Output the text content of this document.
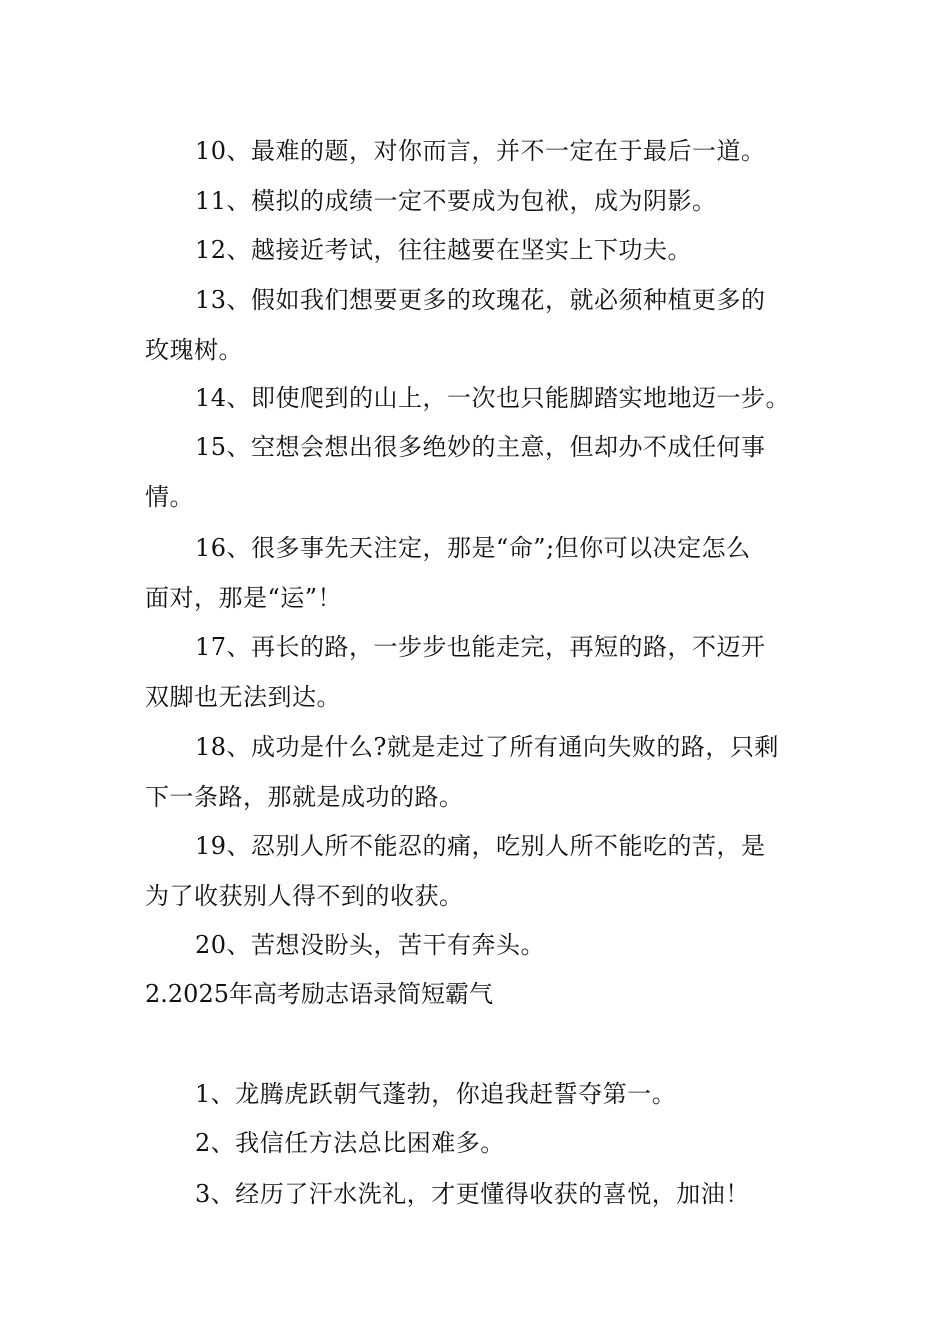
10、最难的题，对你而言，并不一定在于最后一道。
11、模拟的成绩一定不要成为包袱，成为阴影。
12、越接近考试，往往越要在坚实上下功夫。
13、假如我们想要更多的玫瑰花，就必须种植更多的
玫瑰树。
14、即使爬到的山上，一次也只能脚踏实地地迈一步。
15、空想会想出很多绝妙的主意，但却办不成任何事
情。
16、很多事先天注定，那是“命”;但你可以决定怎么
面对，那是“运”！
17、再长的路，一步步也能走完，再短的路，不迈开
双脚也无法到达。
18、成功是什么?就是走过了所有通向失败的路，只剩
下一条路，那就是成功的路。
19、忍别人所不能忍的痛，吃别人所不能吃的苦，是
为了收获别人得不到的收获。
20、苦想没盼头，苦干有奔头。
2.2025年高考励志语录简短霸气
1、龙腾虎跃朝气蓬勃，你追我赶誓夺第一。
2、我信任方法总比困难多。
3、经历了汗水洗礼，才更懂得收获的喜悦，加油！
